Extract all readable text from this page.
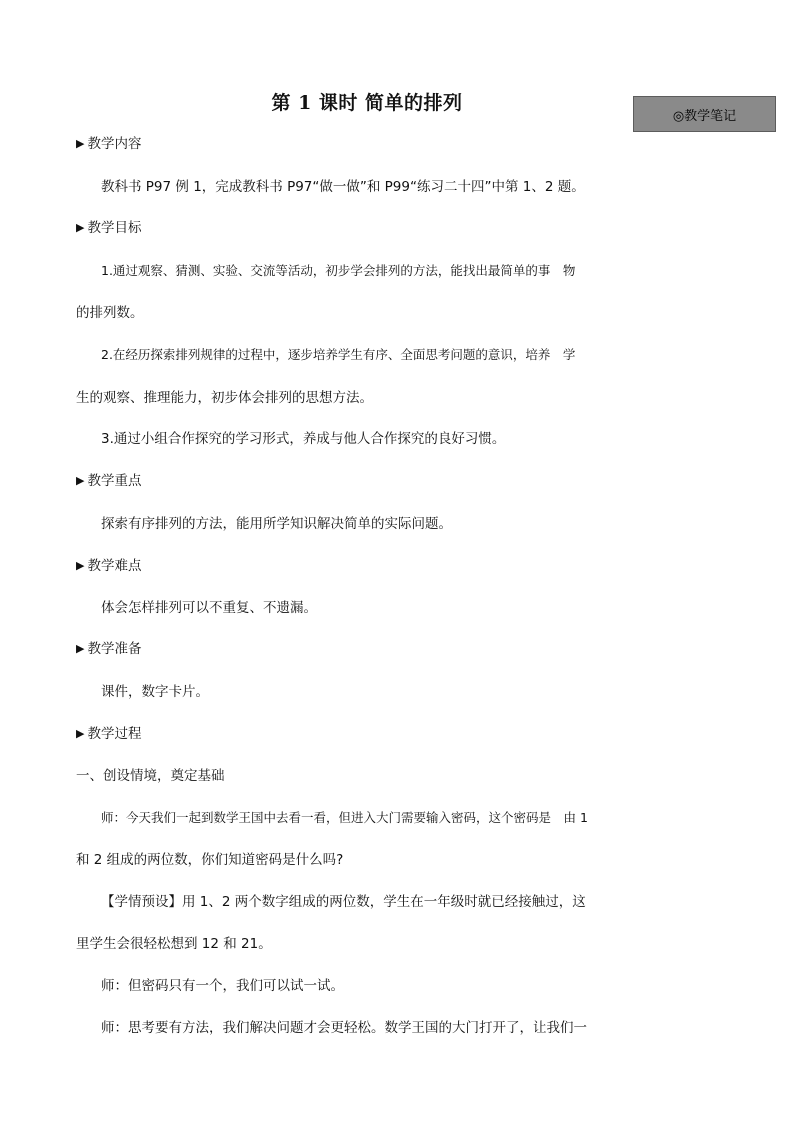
第 1 课时 简单的排列
◎教学笔记
▶ 教学内容
教科书 P97 例 1，完成教科书 P97“做一做”和 P99“练习二十四”中第 1、2 题。
▶ 教学目标
1.通过观察、猜测、实验、交流等活动，初步学会排列的方法，能找出最简单的事　物
的排列数。
2.在经历探索排列规律的过程中，逐步培养学生有序、全面思考问题的意识，培养　学
生的观察、推理能力，初步体会排列的思想方法。
3.通过小组合作探究的学习形式，养成与他人合作探究的良好习惯。
▶ 教学重点
探索有序排列的方法，能用所学知识解决简单的实际问题。
▶ 教学难点
体会怎样排列可以不重复、不遗漏。
▶ 教学准备
课件，数字卡片。
▶ 教学过程
一、创设情境，奠定基础
师：今天我们一起到数学王国中去看一看，但进入大门需要输入密码，这个密码是　由 1
和 2 组成的两位数，你们知道密码是什么吗?
【学情预设】用 1、2 两个数字组成的两位数，学生在一年级时就已经接触过，这
里学生会很轻松想到 12 和 21。
师：但密码只有一个，我们可以试一试。
师：思考要有方法，我们解决问题才会更轻松。数学王国的大门打开了，让我们一
